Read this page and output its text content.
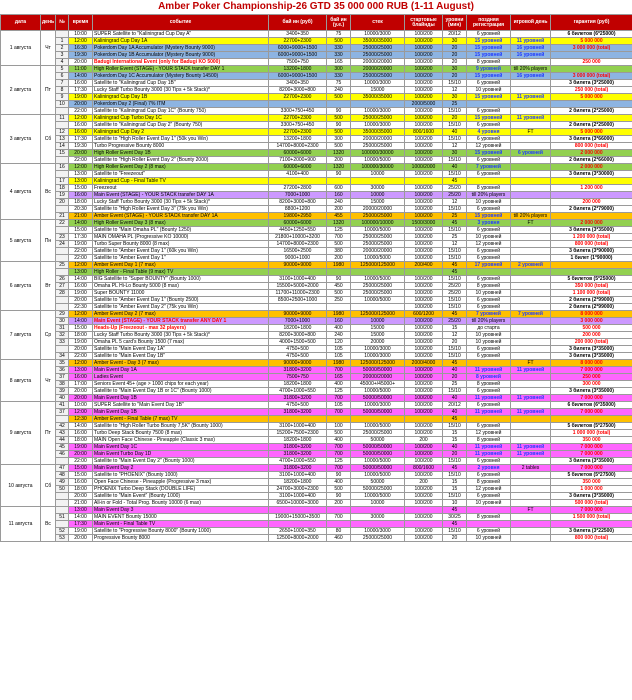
Amber Poker Championship-26 GTD 35 000 000 RUB (1-11 August)
дата	день	№	время	событие	бай ин (руб)	бай ин (у.е.)	стек	стартовые блайнды	уровни (мин)	поздняя регистрация	игровой день	гарантия (руб)
1 августа	Чт		10:00	SUPER Satellite to "Kaliningrad Cup Day A"	3400+350	75	10000/3000	100/200	20/12	6 уровней		6 билетов (6*25000)
		1	12:00	Kaliningrad Cup Day 1A	22700+2300	500	35000/35000	100/200	30	15 уровней	11 уровней	5 000 000
		2	16:30	Pokerdom Day 1A Accumulator (Mystery Bounty 9000)	6000+9000+1500	330	25000/25000	100/200	20	15 уровней	16 уровней	3 000 000 (total)
		3	19:30	Pokerdom Day 1B Accumulator (Mystery Bounty 9000)	6000+9000+1500	330	25000/25000	100/200	20	15 уровней	16 уровней	
		4	20:00	Badugi International Event (only for Badugi KO 5000)	7500+750	165	20000/20000	100/200	20	8 уровней		250 000
2 августа	Пт	5	11:00	High Roller Event (STAGE) - YOUR STACK transfer DAY 1	13200+1800	300	20000/20000	100/200	30	9 уровней	till 20% players	
		6	14:00	Pokerdom Day 1C Accumulator (Mystery Bounty 14500)	6000+9000+1500	330	25000/25000	100/200	20	15 уровней	16 уровней	3 000 000 (total)
		7	16:00	Satellite to "Kaliningrad Cup Day 1B"	3400+350	75	10000/3000	100/200	15/10	6 уровней		3 билета (3*25000)
		8	17:30	Lucky Staff Turbo Bounty 3000 (30 Tips + 5k Stack)*	8200+3000+800	240	15000	100/200	12	10 уровней		250 000 (total)
		9	19:00	Kaliningrad Cup Day 1B	22700+2300	500	35000/35000	100/200	30	15 уровней	11 уровней	5 000 000
		10	20:00	Pokerdom Day 2 (Final) 7% ITM				2000/5000	25			
			22:00	Satellite to "Kaliningrad Cup Day 1C" (Bounty 750)	3300+750+450	90	10000/3000	100/200	15/10	6 уровней		2 билета (2*25000)
3 августа	Сб	11	12:00	Kaliningrad Cup Turbo Day 1C	22700+2300	500	25000/25000	100/200	20	15 уровней	11 уровней	
			16:00	Satellite to "Kaliningrad Cup Day 2" (Bounty 750)	3300+750+450	90	10000/3000	100/200	15/10	6 уровней		2 билета (2*25000)
		12	16:00	Kaliningrad Cup Day 2	22700+2300	500	35000/35000	800/1600	40	4 уровня	FT	5 000 000
		13	17:30	Satellite to "High Roller Event Day 1" (50k you Win)	13200+1800	300	20000/20000	100/200	15/10	6 уровней		3 билета (3*66000)
		14	19:30	Turbo Progressive Bounty 8000	14700+8000+2300	500	25000/25000	100/200	12	12 уровней		800 000 (total)
		15	20:00	High Roller Event Day 1B	60000+6000	1320	100000/30000	100/200	30	15 уровней	6 уровней	2 000 000
			22:00	Satellite to "High Roller Event Day 2" (Bounty 2000)	7100+2000+900	200	10000/5000	100/200	15/10	6 уровней		2 билета (2*66000)
4 августа	Вс	16	12:00	High Roller Event Day 2 (8 max)	60000+6000	1320	100000/30000	1000/2000	40	7 уровней		2 000 000
			13:00	Satellite to "Freezeout"	4100+400	90	10000	100/200	15/10	6 уровней		3 билета (3*30000)
		17	13:00	Kaliningrad Cup - Final Table TV					45			
		18	15:00	Freezeout	27200+2800	600	30000	100/200	25/20	8 уровней		1 200 000
		19	16:00	Main Event (STAGE) - YOUR STACK transfer DAY 1A	7000+1000	160	10000	100/200	25/20	till 20% players		
		20	18:00	Lucky Staff Turbo Bounty 3000 (30 Tips + 5k Stack)*	8200+3000+800	240	15000	100/200	12	10 уровней		200 000
			20:30	Satellite to "High Roller Event Day 3" (75k you Win)	8800+1200	200	20000/20000	100/200	15/10	6 уровней		2 билета (2*79000)
		21	21:00	Amber Event (STAGE) - YOUR STACK transfer DAY 1A	19800+2950	455	25000/25000	100/200	25	15 уровней	till 20% players	
5 августа	Пн	22	14:00	High Roller Event Day 3 (8 max)	60000+6000	1320	100000/10000	1500/3000	45	3 уровня	FT	2 000 000
			15:00	Satellite to "Main Omaha PL" (Bounty 1250)	4450+1250+550	125	10000/5000	100/200	15/10	6 уровней		3 билета (3*35000)
		23	17:30	MAIN OMAHA PL (Progressive KO 10000)	21800+10000+3200	700	25000/25000	100/200	25	10 уровней		1 200 000 (total)
		24	19:00	Turbo Super Bounty 8000 (8 max)	14700+8000+2300	500	25000/25000	100/200	12	12 уровней		800 000 (total)
			22:00	Satellite to "Amber Event Day 1" (60k you Win)	16500+2500	380	20000/20000	100/200	15/10	6 уровней		3 билета (3*90000)
			22:00	Satellite to "Amber Event Day 1"	9000+1000	200	10000/5000	100/200	15/10	6 уровней		1 билет (1*90000)
6 августа	Вт	25	12:00	Amber Event Day 1 (7 max)	90000+9000	1980	125000/125000	200/400	45	17 уровней	2 уровней	
			13:00	High Roller - Final Table (9 max) TV					45			
		26	14:00	BIG Satellite to "Super BOUNTY" (Bounty 1000)	3100+1000+400	90	10000/5000	100/200	15/10	6 уровней		5 билетов (5*25000)
		27	16:00	Omaha PL Hi-Lo Bounty 5000 (8 max)	15500+5000+2000	450	25000/25000	100/200	25/20	8 уровней		350 000 (total)
		28	19:00	Super BOUNTY 11000	11700+11000+2300	500	25000/25000	100/200	25/20	10 уровней		1 100 000 (total)
			20:00	Satellite to "Amber Event Day 1" (Bounty 2500)	8500+2500+1000	250	10000/5000	100/200	15/10	6 уровней		2 билета (2*99000)
			22:30	Satellite to "Amber Event Day 2" (75k you Win)				100/200	15/10	6 уровней		2 билета (2*99000)
7 августа	Ср	29	12:00	Amber Event Day 2 (7 max)	90000+9000	1980	125000/125000	600/1200	45	7 уровней	7 уровней	8 000 000
		30	14:00	Main Event (STAGE) - YOUR STACK transfer ANY DAY 1	7000+1000	160	10000	100/200	25/20	till 20% players		3 000 000
		31	15:00	Heads-Up (Freezeout - max 32 players)	18200+1800	400	15000	100/200	15	до старта		500 000
		32	18:00	Lucky Staff Turbo Bounty 3000 (30 Tips + 5k Stack)*	8200+3000+800	240	15000	100/200	12	10 уровней		200 000
		33	19:00	Omaha PL 5 card's Bounty 1500 (7 max)	4000+1500+500	120	20000	100/200	20	10 уровней		200 000 (total)
			20:00	Satellite to "Main Event Day 1A"	4750+500	105	10000/3000	100/200	15/10	6 уровней		3 билета (3*35000)
		34	22:00	Satellite to "Main Event Day 1B"	4750+500	105	10000/3000	100/200	15/10	6 уровней		3 билета (3*35000)
8 августа	Чт	35	12:00	Amber Event - Day 3 (7 max)	90000+9000	1980	125000/125000	2000/4000	45		FT	8 000 000
		36	13:00	Main Event Day 1A	31800+3200	700	50000/50000	100/200	40	11 уровней	11 уровней	7 000 000
		37	16:00	Ladies Event	7500+750	165	20000/20000	100/200	20	8 уровней		250 000
		38	17:00	Seniors Event 45+ (age > 1000 chips for each year)	18200+1800	400	45000+/45000+	100/200	25	8 уровней		300 000
		39	20:00	Satellite to "Main Event Day 1B or 1C" (Bounty 1000)	4700+1000+550	125	10000/5000	100/200	15/10	6 уровней		3 билета (3*35000)
		40	20:00	Main Event Day 1B	31800+3200	700	50000/50000	100/200	40	11 уровней	11 уровней	7 000 000
9 августа	Пт	41	10:00	SUPER Satellite to "Main Event Day 1B"	4750+500	105	10000/3000	100/200	20/12	6 уровней		6 билетов (6*35000)
		37	12:00	Main Event Day 1B	31800+3200	700	50000/50000	100/200	40	11 уровней	11 уровней	7 000 000
			12:30	Amber Event - Final Table (7 max) TV					45			
		42	14:00	Satellite to "High Roller Turbo Bounty 7,5K" (Bounty 1000)	3100+1000+400	100	10000/5000	100/200	15/10	6 уровней		5 билетов (5*27500)
		43	16:00	Turbo Deep Stack Bounty 7500 (8 max)	15200+7500+2300	500	25000/25000	100/200	15	12 уровней		1 000 000 (total)
		44	18:00	MAIN Open Face Chinese - Pineapple (Classic 3 max)	18200+1800	400	50000	200	15	8 уровней		350 000
		45	19:00	Main Event Day 1C	31800+3200	700	50000/50000	100/200	40	11 уровней	11 уровней	7 000 000
		46	20:00	Main Event Turbo Day 1D	31800+3200	700	50000/50000	100/200	20	11 уровней	11 уровней	7 000 000
			22:00	Satellite to "Main Event Day 2" (Bounty 1000)	4700+1000+550	125	10000/5000	100/200	15/10	6 уровней		3 билета (3*35000)
10 августа	Сб	47	15:00	Main Event Day 2	31800+3200	700	50000/50000	800/1600	45	2 уровня	2 tables	7 000 000
		48	15:00	Satellite to "PHOENIX" (Bounty 1000)	3100+1000+400	90	10000/5000	100/200	15/10	6 уровней		5 билетов (5*27500)
		49	16:00	Open Face Chinese - Pineapple (Progressive 3 max)	18200+1800	400	50000	200	15	8 уровней		350 000
		50	18:00	PHOENIX Turbo Deep Stack (DOUBLE LIFE)	24700+3000+2300	500	50000/25000	100/200	15	12 уровней		1 000 000
			20:00	Satellite to "Main Event" (Bounty 1000)	3100+1000+400	90	10000/5000	100/200	15/10	6 уровней		3 билета (3*35000)
			21:00	All-in or Fold - Total Prog. Bounty 10000 (6 max)	6500+10000+3000	200	10000	100/200	10	10 уровней		500 000 (total)
11 августа	Вс		13:00	Main Event Day 3					45		FT	7 000 000
		51	14:00	MAIN EVENT Bounty 15000	19000+15000+3500	700	30000	100/200	30/25	8 уровней		1 500 000 (total)
			17:30	Main Event - Final Table TV					45			
		52	19:00	Satellite to "Progressive Bounty 8000" (Bounty 1000)	2650+1000+350	80	10000/3000	100/200	15/10	6 уровней		3 билета (3*22500)
		53	20:00	Progressive Bounty 8000	12500+8000+2000	460	25000/25000	100/200	20	10 уровней		800 000 (total)
